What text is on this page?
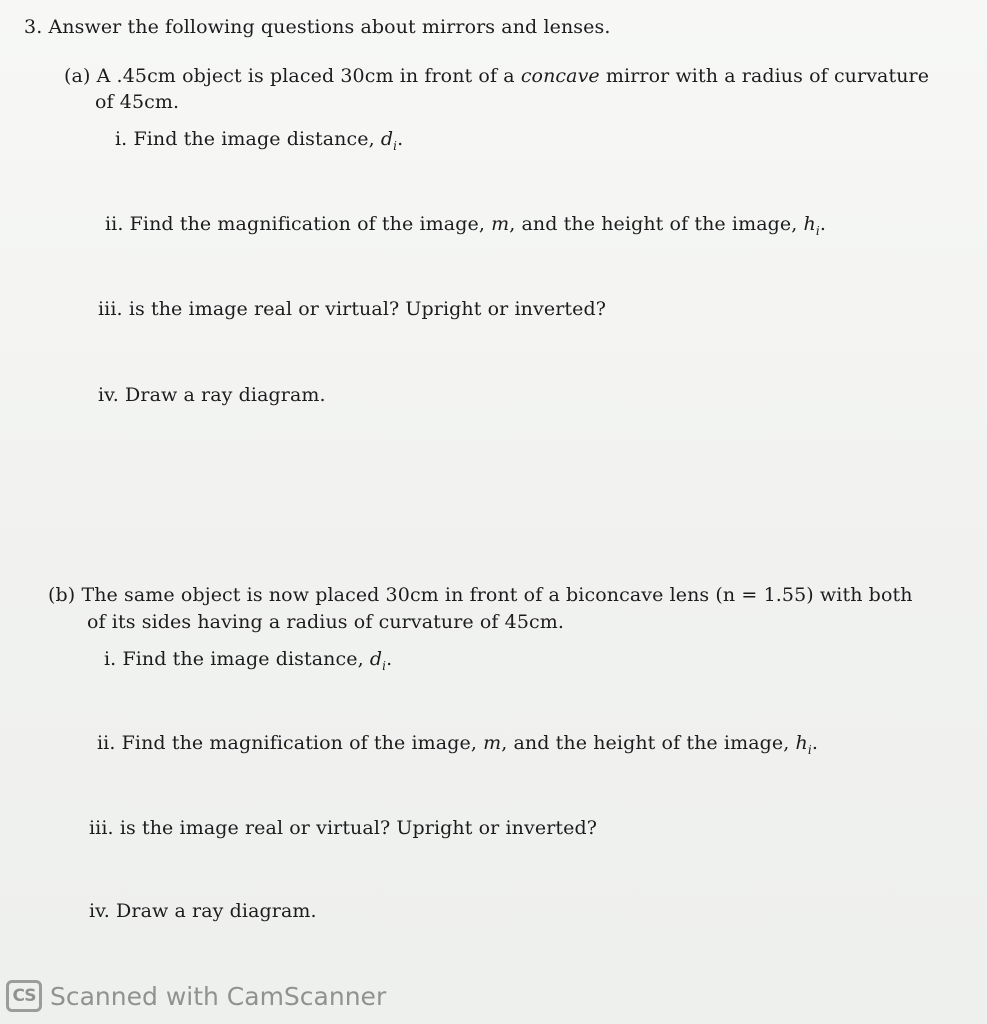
3. Answer the following questions about mirrors and lenses.
(a) A .45cm object is placed 30cm in front of a concave mirror with a radius of curvature
of 45cm.
i. Find the image distance, $d_i$.
ii. Find the magnification of the image, m, and the height of the image, $h_i$.
iii. is the image real or virtual? Upright or inverted?
iv. Draw a ray diagram.
(b) The same object is now placed 30cm in front of a biconcave lens (n = 1.55) with both
of its sides having a radius of curvature of 45cm.
i. Find the image distance, $d_i$.
ii. Find the magnification of the image, m, and the height of the image, $h_i$.
iii. is the image real or virtual? Upright or inverted?
iv. Draw a ray diagram.
CS Scanned with CamScanner
